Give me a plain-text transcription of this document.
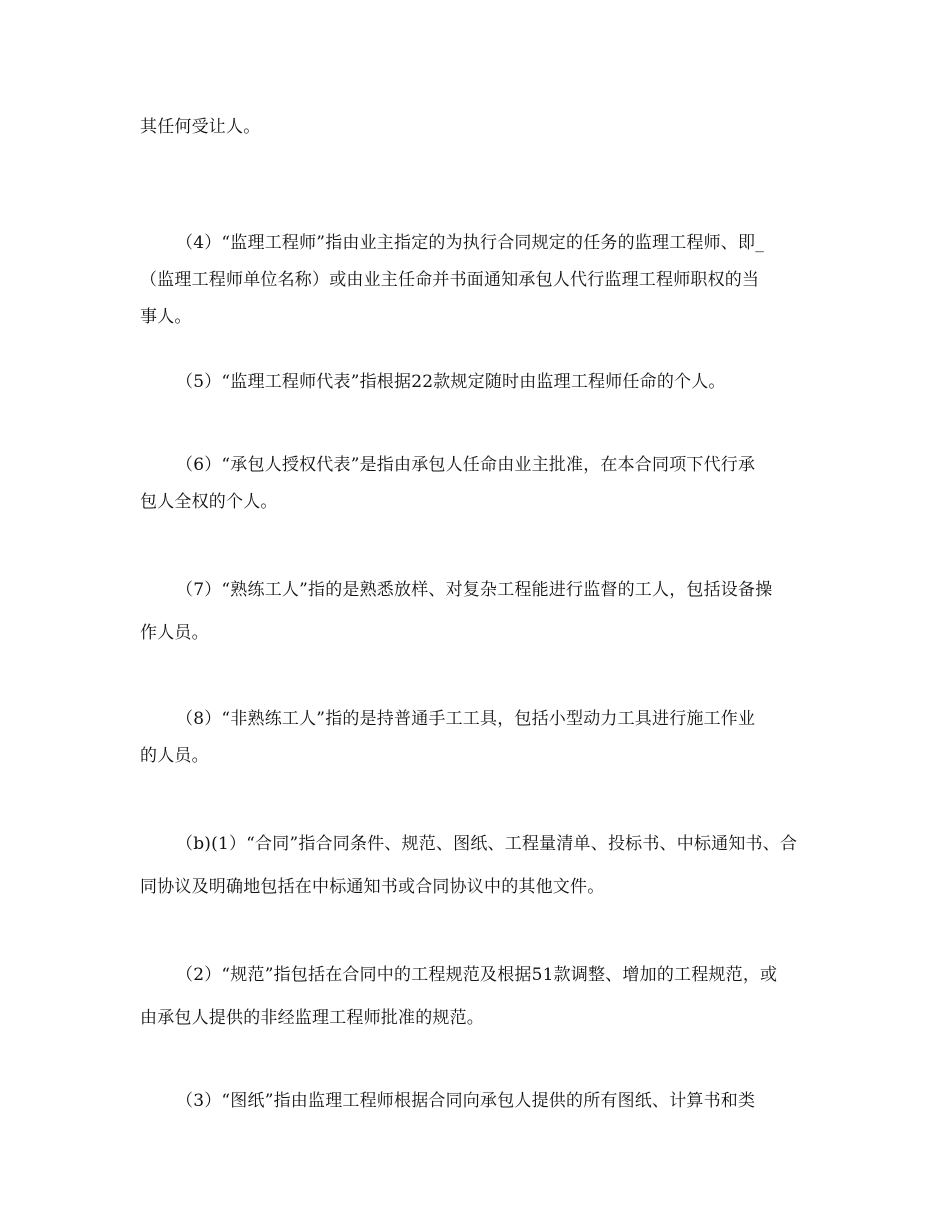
其任何受让人。
（4）“监理工程师”指由业主指定的为执行合同规定的任务的监理工程师、即_
（监理工程师单位名称）或由业主任命并书面通知承包人代行监理工程师职权的当
事人。
（5）“监理工程师代表”指根据22款规定随时由监理工程师任命的个人。
（6）“承包人授权代表”是指由承包人任命由业主批准，在本合同项下代行承
包人全权的个人。
（7）“熟练工人”指的是熟悉放样、对复杂工程能进行监督的工人，包括设备操
作人员。
（8）“非熟练工人”指的是持普通手工工具，包括小型动力工具进行施工作业
的人员。
（b)(1）“合同”指合同条件、规范、图纸、工程量清单、投标书、中标通知书、合
同协议及明确地包括在中标通知书或合同协议中的其他文件。
（2）“规范”指包括在合同中的工程规范及根据51款调整、增加的工程规范，或
由承包人提供的非经监理工程师批准的规范。
（3）“图纸”指由监理工程师根据合同向承包人提供的所有图纸、计算书和类
